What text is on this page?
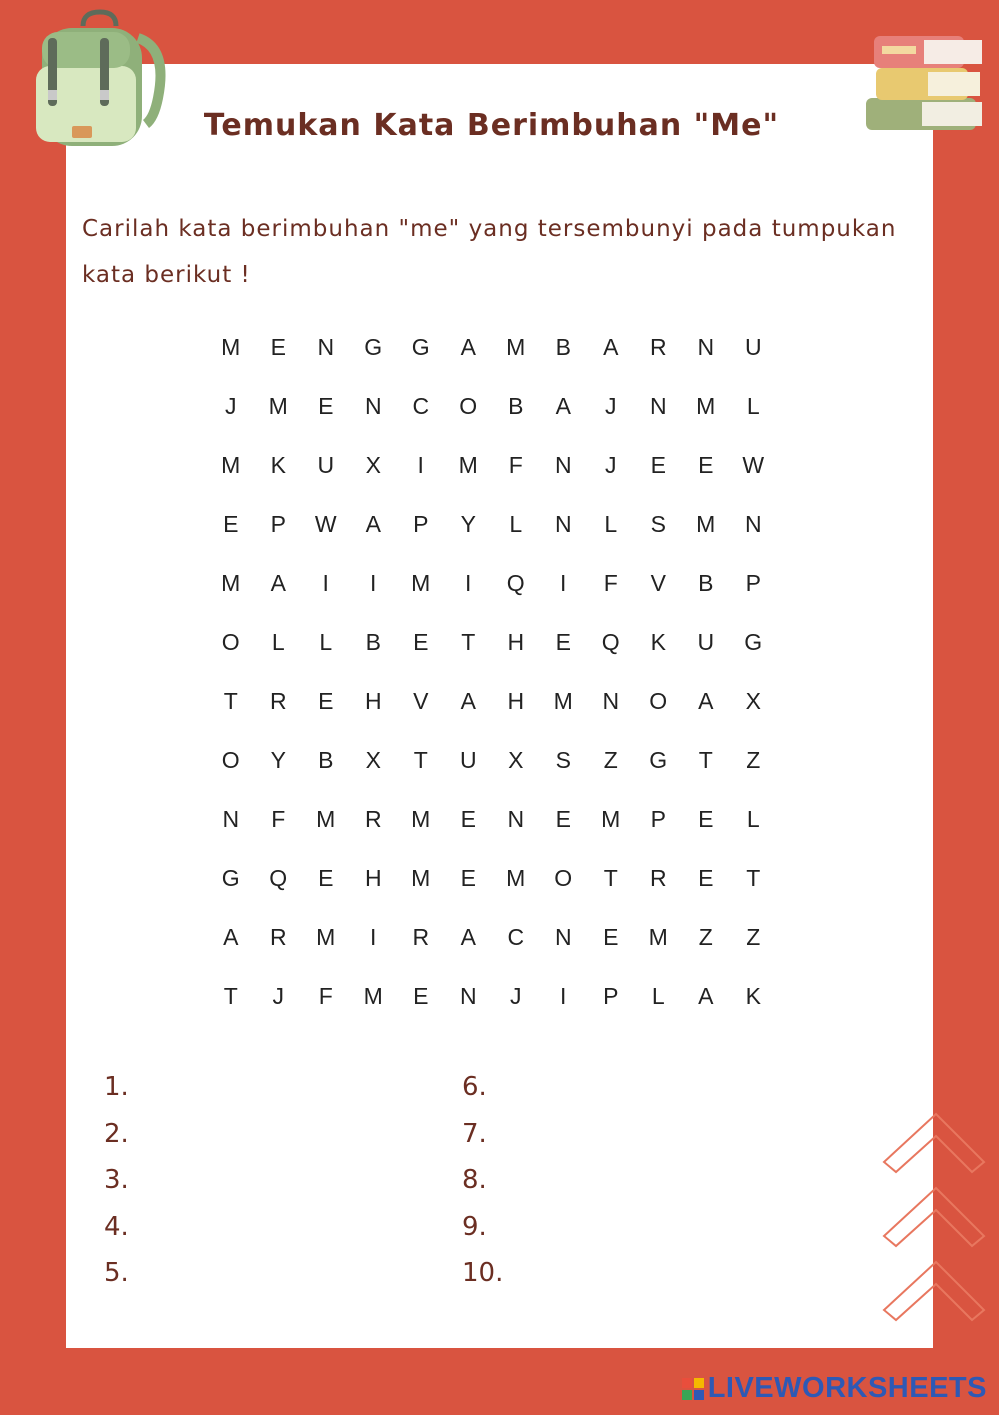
Temukan Kata Berimbuhan "Me"

Carilah kata berimbuhan "me" yang tersembunyi pada tumpukan kata berikut !

M	E	N	G	G	A	M	B	A	R	N	U
J	M	E	N	C	O	B	A	J	N	M	L
M	K	U	X	I	M	F	N	J	E	E	W
E	P	W	A	P	Y	L	N	L	S	M	N
M	A	I	I	M	I	Q	I	F	V	B	P
O	L	L	B	E	T	H	E	Q	K	U	G
T	R	E	H	V	A	H	M	N	O	A	X
O	Y	B	X	T	U	X	S	Z	G	T	Z
N	F	M	R	M	E	N	E	M	P	E	L
G	Q	E	H	M	E	M	O	T	R	E	T
A	R	M	I	R	A	C	N	E	M	Z	Z
T	J	F	M	E	N	J	I	P	L	A	K
1.
2.
3.
4.
5.
6.
7.
8.
9.
10.
LIVEWORKSHEETS
